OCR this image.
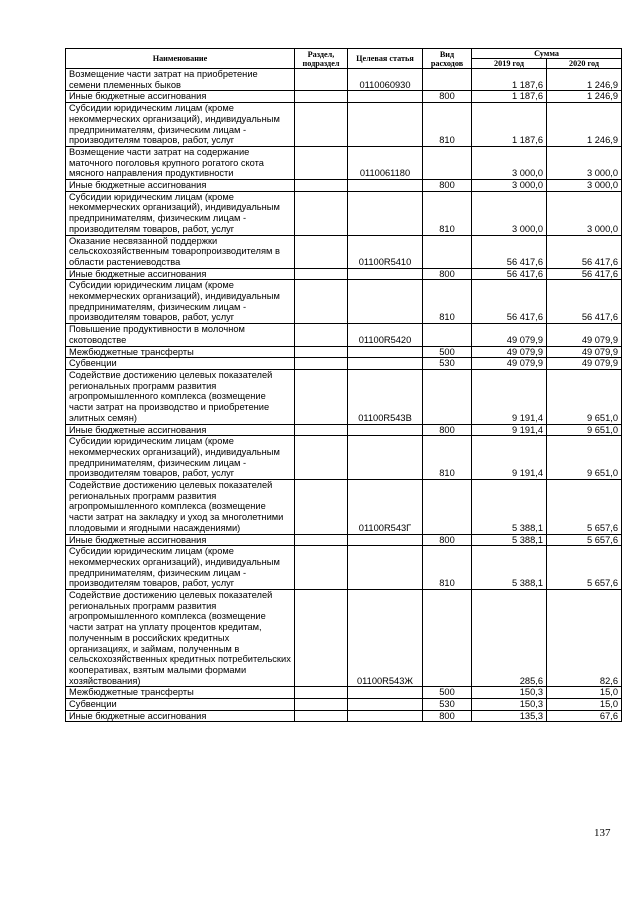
Наименование	Раздел, подраздел	Целевая статья	Вид расходов	Сумма	
				2019 год	2020 год
Возмещение части затрат на приобретение семени племенных быков		0110060930		1 187,6	1 246,9
Иные бюджетные ассигнования			800	1 187,6	1 246,9
Субсидии юридическим лицам (кроме некоммерческих организаций), индивидуальным предпринимателям, физическим лицам - производителям товаров, работ, услуг			810	1 187,6	1 246,9
Возмещение части затрат на содержание маточного поголовья крупного рогатого скота мясного направления продуктивности		0110061180		3 000,0	3 000,0
Иные бюджетные ассигнования			800	3 000,0	3 000,0
Субсидии юридическим лицам (кроме некоммерческих организаций), индивидуальным предпринимателям, физическим лицам - производителям товаров, работ, услуг			810	3 000,0	3 000,0
Оказание несвязанной поддержки сельскохозяйственным товаропроизводителям в области растениеводства		01100R5410		56 417,6	56 417,6
Иные бюджетные ассигнования			800	56 417,6	56 417,6
Субсидии юридическим лицам (кроме некоммерческих организаций), индивидуальным предпринимателям, физическим лицам - производителям товаров, работ, услуг			810	56 417,6	56 417,6
Повышение продуктивности в молочном скотоводстве		01100R5420		49 079,9	49 079,9
Межбюджетные трансферты			500	49 079,9	49 079,9
Субвенции			530	49 079,9	49 079,9
Содействие достижению целевых показателей региональных программ развития агропромышленного комплекса (возмещение части затрат на производство и приобретение элитных семян)		01100R543B		9 191,4	9 651,0
Иные бюджетные ассигнования			800	9 191,4	9 651,0
Субсидии юридическим лицам (кроме некоммерческих организаций), индивидуальным предпринимателям, физическим лицам - производителям товаров, работ, услуг			810	9 191,4	9 651,0
Содействие достижению целевых показателей региональных программ развития агропромышленного комплекса (возмещение части затрат на закладку и уход за многолетними плодовыми и ягодными насаждениями)		01100R543Г		5 388,1	5 657,6
Иные бюджетные ассигнования			800	5 388,1	5 657,6
Субсидии юридическим лицам (кроме некоммерческих организаций), индивидуальным предпринимателям, физическим лицам - производителям товаров, работ, услуг			810	5 388,1	5 657,6
Содействие достижению целевых показателей региональных программ развития агропромышленного комплекса (возмещение части затрат на уплату процентов кредитам, полученным в российских кредитных организациях, и займам, полученным в сельскохозяйственных кредитных потребительских кооперативах, взятым малыми формами хозяйствования)		01100R543Ж		285,6	82,6
Межбюджетные трансферты			500	150,3	15,0
Субвенции			530	150,3	15,0
Иные бюджетные ассигнования			800	135,3	67,6
137
